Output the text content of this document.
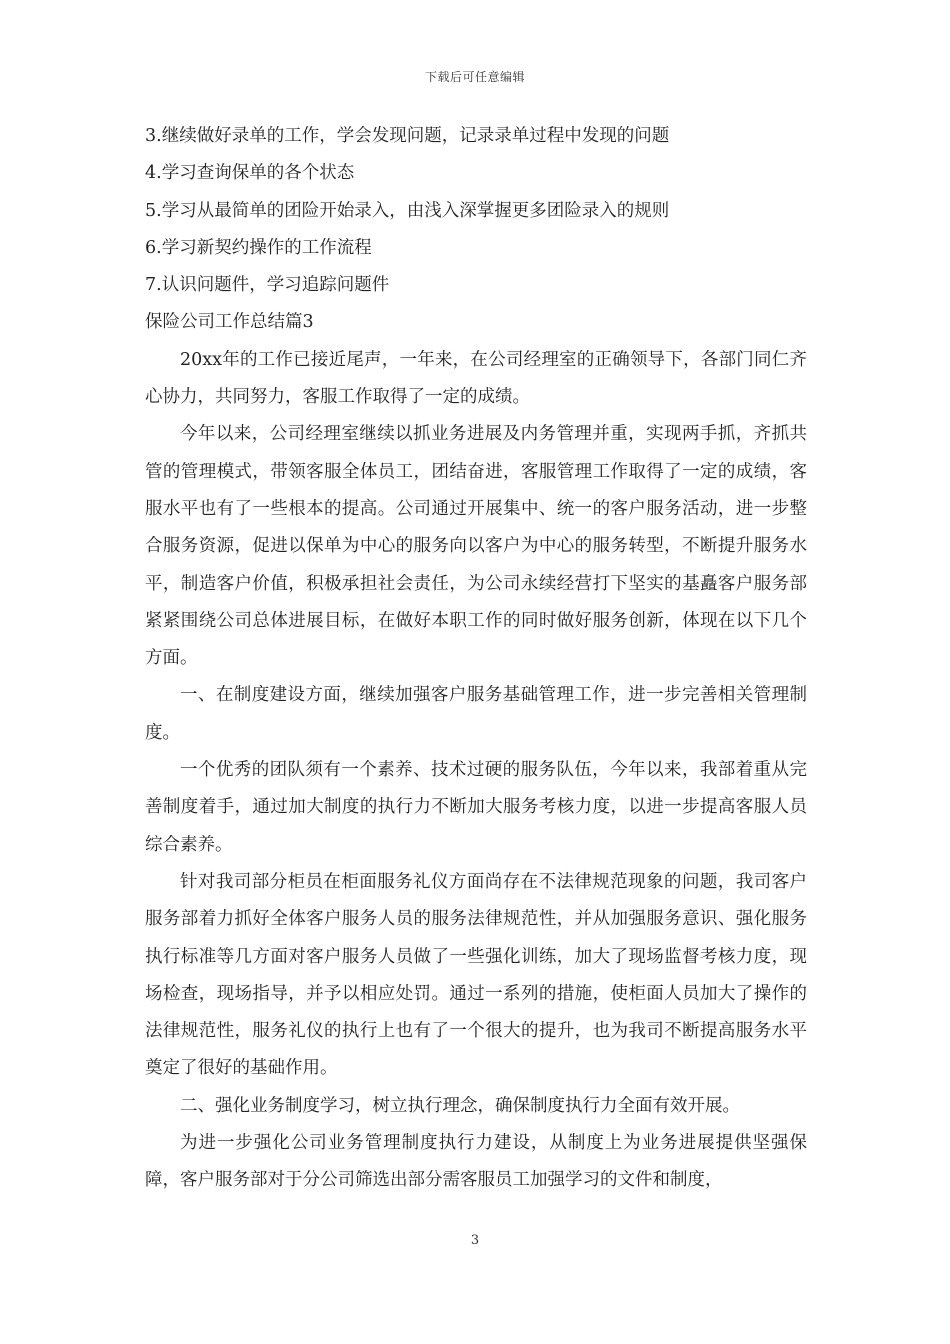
下载后可任意编辑

3.继续做好录单的工作，学会发现问题，记录录单过程中发现的问题

4.学习查询保单的各个状态

5.学习从最简单的团险开始录入，由浅入深掌握更多团险录入的规则

6.学习新契约操作的工作流程

7.认识问题件，学习追踪问题件

保险公司工作总结篇3

20xx年的工作已接近尾声，一年来，在公司经理室的正确领导下，各部门同仁齐心协力，共同努力，客服工作取得了一定的成绩。

今年以来，公司经理室继续以抓业务进展及内务管理并重，实现两手抓，齐抓共管的管理模式，带领客服全体员工，团结奋进，客服管理工作取得了一定的成绩，客服水平也有了一些根本的提高。公司通过开展集中、统一的客户服务活动，进一步整合服务资源，促进以保单为中心的服务向以客户为中心的服务转型，不断提升服务水平，制造客户价值，积极承担社会责任，为公司永续经营打下坚实的基矗客户服务部紧紧围绕公司总体进展目标，在做好本职工作的同时做好服务创新，体现在以下几个方面。

一、在制度建设方面，继续加强客户服务基础管理工作，进一步完善相关管理制度。

一个优秀的团队须有一个素养、技术过硬的服务队伍，今年以来，我部着重从完善制度着手，通过加大制度的执行力不断加大服务考核力度，以进一步提高客服人员综合素养。

针对我司部分柜员在柜面服务礼仪方面尚存在不法律规范现象的问题，我司客户服务部着力抓好全体客户服务人员的服务法律规范性，并从加强服务意识、强化服务执行标准等几方面对客户服务人员做了一些强化训练，加大了现场监督考核力度，现场检查，现场指导，并予以相应处罚。通过一系列的措施，使柜面人员加大了操作的法律规范性，服务礼仪的执行上也有了一个很大的提升，也为我司不断提高服务水平奠定了很好的基础作用。

二、强化业务制度学习，树立执行理念，确保制度执行力全面有效开展。

为进一步强化公司业务管理制度执行力建设，从制度上为业务进展提供坚强保障，客户服务部对于分公司筛选出部分需客服员工加强学习的文件和制度，

3
